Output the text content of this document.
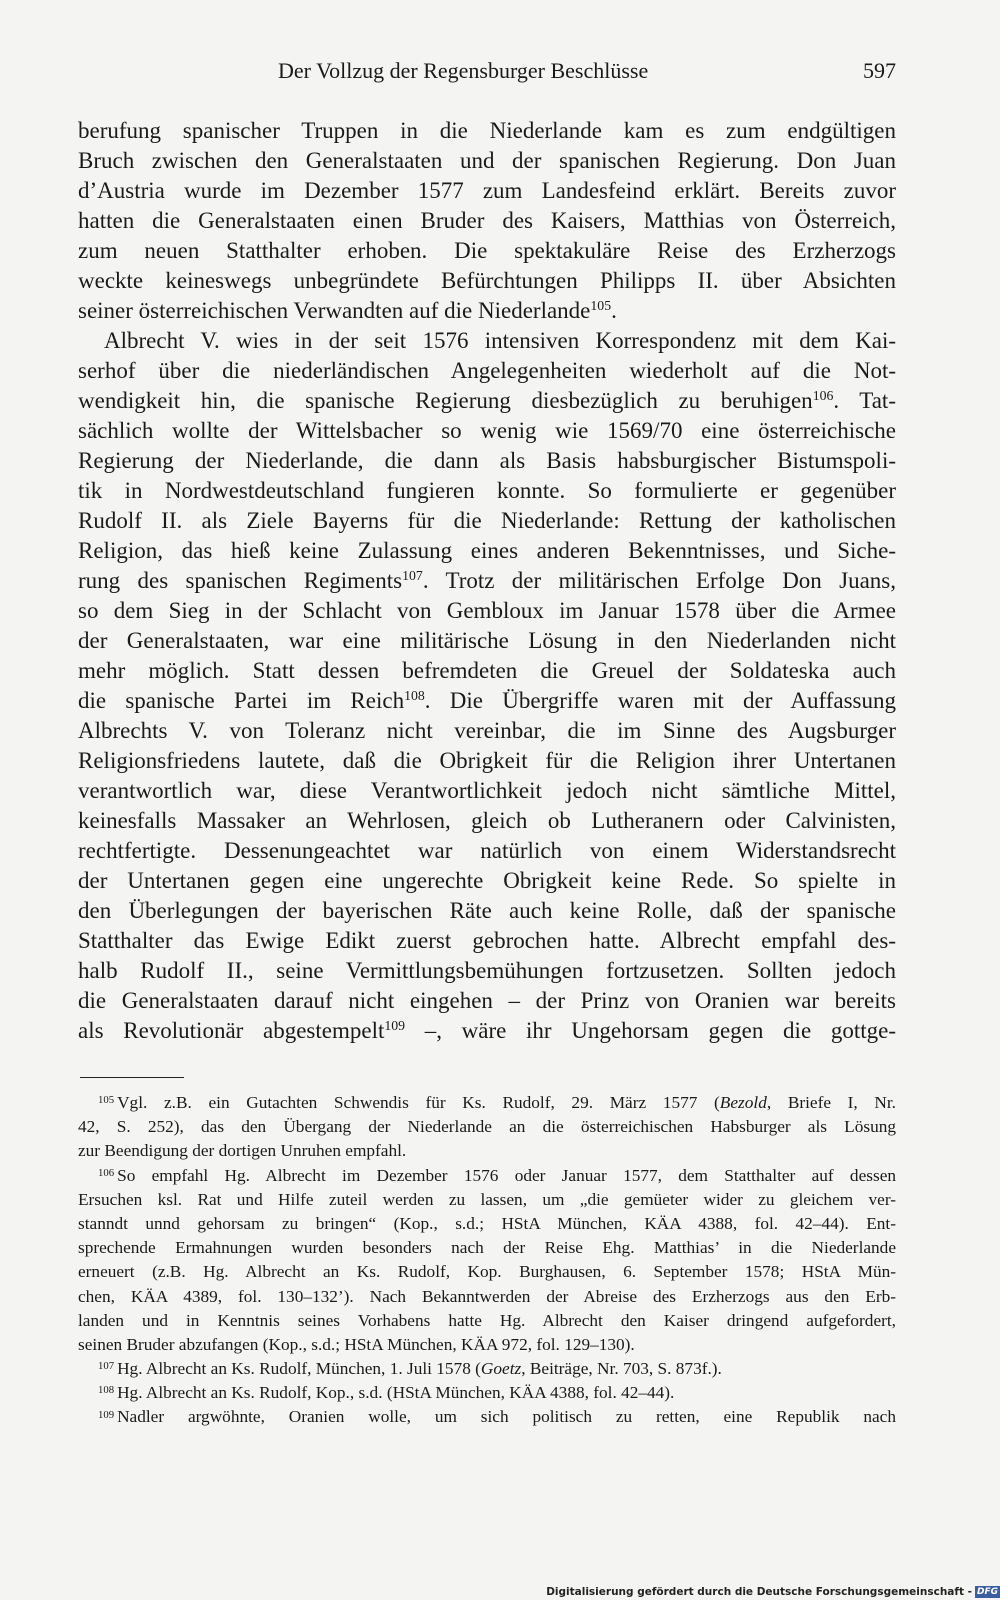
Der Vollzug der Regensburger Beschlüsse	597
berufung spanischer Truppen in die Niederlande kam es zum endgültigen
Bruch zwischen den Generalstaaten und der spanischen Regierung. Don Juan
d’Austria wurde im Dezember 1577 zum Landesfeind erklärt. Bereits zuvor
hatten die Generalstaaten einen Bruder des Kaisers, Matthias von Österreich,
zum neuen Statthalter erhoben. Die spektakuläre Reise des Erzherzogs
weckte keineswegs unbegründete Befürchtungen Philipps II. über Absichten
seiner österreichischen Verwandten auf die Niederlande$^{105}$.
Albrecht V. wies in der seit 1576 intensiven Korrespondenz mit dem Kai-
serhof über die niederländischen Angelegenheiten wiederholt auf die Not-
wendigkeit hin, die spanische Regierung diesbezüglich zu beruhigen$^{106}$. Tat-
sächlich wollte der Wittelsbacher so wenig wie 1569/70 eine österreichische
Regierung der Niederlande, die dann als Basis habsburgischer Bistumspoli-
tik in Nordwestdeutschland fungieren konnte. So formulierte er gegenüber
Rudolf II. als Ziele Bayerns für die Niederlande: Rettung der katholischen
Religion, das hieß keine Zulassung eines anderen Bekenntnisses, und Siche-
rung des spanischen Regiments$^{107}$. Trotz der militärischen Erfolge Don Juans,
so dem Sieg in der Schlacht von Gembloux im Januar 1578 über die Armee
der Generalstaaten, war eine militärische Lösung in den Niederlanden nicht
mehr möglich. Statt dessen befremdeten die Greuel der Soldateska auch
die spanische Partei im Reich$^{108}$. Die Übergriffe waren mit der Auffassung
Albrechts V. von Toleranz nicht vereinbar, die im Sinne des Augsburger
Religionsfriedens lautete, daß die Obrigkeit für die Religion ihrer Untertanen
verantwortlich war, diese Verantwortlichkeit jedoch nicht sämtliche Mittel,
keinesfalls Massaker an Wehrlosen, gleich ob Lutheranern oder Calvinisten,
rechtfertigte. Dessenungeachtet war natürlich von einem Widerstandsrecht
der Untertanen gegen eine ungerechte Obrigkeit keine Rede. So spielte in
den Überlegungen der bayerischen Räte auch keine Rolle, daß der spanische
Statthalter das Ewige Edikt zuerst gebrochen hatte. Albrecht empfahl des-
halb Rudolf II., seine Vermittlungsbemühungen fortzusetzen. Sollten jedoch
die Generalstaaten darauf nicht eingehen – der Prinz von Oranien war bereits
als Revolutionär abgestempelt$^{109}$ –, wäre ihr Ungehorsam gegen die gottge-
$^{105}$ Vgl. z.B. ein Gutachten Schwendis für Ks. Rudolf, 29. März 1577 (Bezold, Briefe I, Nr.
42, S. 252), das den Übergang der Niederlande an die österreichischen Habsburger als Lösung
zur Beendigung der dortigen Unruhen empfahl.
$^{106}$ So empfahl Hg. Albrecht im Dezember 1576 oder Januar 1577, dem Statthalter auf dessen
Ersuchen ksl. Rat und Hilfe zuteil werden zu lassen, um „die gemüeter wider zu gleichem ver-
stanndt unnd gehorsam zu bringen“ (Kop., s.d.; HStA München, KÄA 4388, fol. 42–44). Ent-
sprechende Ermahnungen wurden besonders nach der Reise Ehg. Matthias’ in die Niederlande
erneuert (z.B. Hg. Albrecht an Ks. Rudolf, Kop. Burghausen, 6. September 1578; HStA Mün-
chen, KÄA 4389, fol. 130–132’). Nach Bekanntwerden der Abreise des Erzherzogs aus den Erb-
landen und in Kenntnis seines Vorhabens hatte Hg. Albrecht den Kaiser dringend aufgefordert,
seinen Bruder abzufangen (Kop., s.d.; HStA München, KÄA 972, fol. 129–130).
$^{107}$ Hg. Albrecht an Ks. Rudolf, München, 1. Juli 1578 (Goetz, Beiträge, Nr. 703, S. 873f.).
$^{108}$ Hg. Albrecht an Ks. Rudolf, Kop., s.d. (HStA München, KÄA 4388, fol. 42–44).
$^{109}$ Nadler argwöhnte, Oranien wolle, um sich politisch zu retten, eine Republik nach
Digitalisierung gefördert durch die Deutsche Forschungsgemeinschaft - DFG
